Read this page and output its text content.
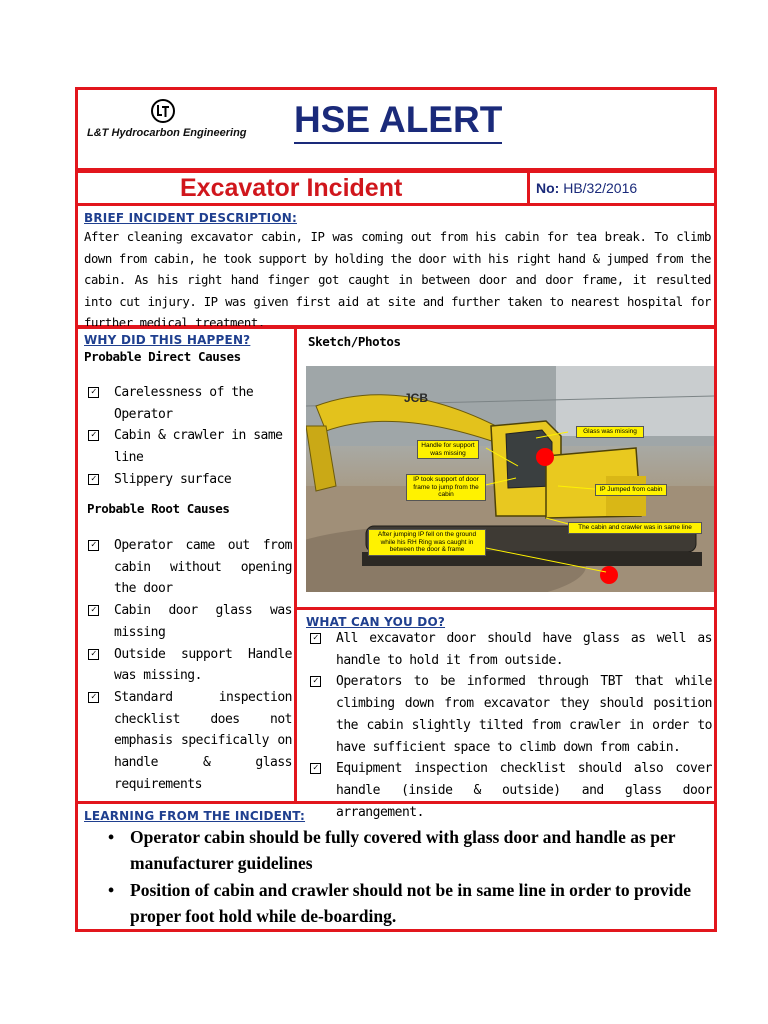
L&T Hydrocarbon Engineering HSE ALERT
Excavator Incident	No: HB/32/2016
BRIEF INCIDENT DESCRIPTION:
After cleaning excavator cabin, IP was coming out from his cabin for tea break. To climb down from cabin, he took support by holding the door with his right hand & jumped from the cabin. As his right hand finger got caught in between door and door frame, it resulted into cut injury. IP was given first aid at site and further taken to nearest hospital for further medical treatment.
WHY DID THIS HAPPEN?
Probable Direct Causes
✓ Carelessness of the Operator
✓ Cabin & crawler in same line
✓ Slippery surface
Probable Root Causes
✓ Operator came out from cabin without opening the door
✓ Cabin door glass was missing
✓ Outside support Handle was missing.
✓ Standard inspection checklist does not emphasis specifically on handle & glass requirements
Sketch/Photos
JCB
Glass was missing
Handle for support was missing
IP took support of door frame to jump from the cabin
IP Jumped from cabin
The cabin and crawler was in same line
After jumping IP fell on the ground while his RH Ring was caught in between the door & frame
WHAT CAN YOU DO?
✓ All excavator door should have glass as well as handle to hold it from outside.
✓ Operators to be informed through TBT that while climbing down from excavator they should position the cabin slightly tilted from crawler in order to have sufficient space to climb down from cabin.
✓ Equipment inspection checklist should also cover handle (inside & outside) and glass door arrangement.
LEARNING FROM THE INCIDENT:
• Operator cabin should be fully covered with glass door and handle as per manufacturer guidelines
• Position of cabin and crawler should not be in same line in order to provide proper foot hold while de-boarding.
